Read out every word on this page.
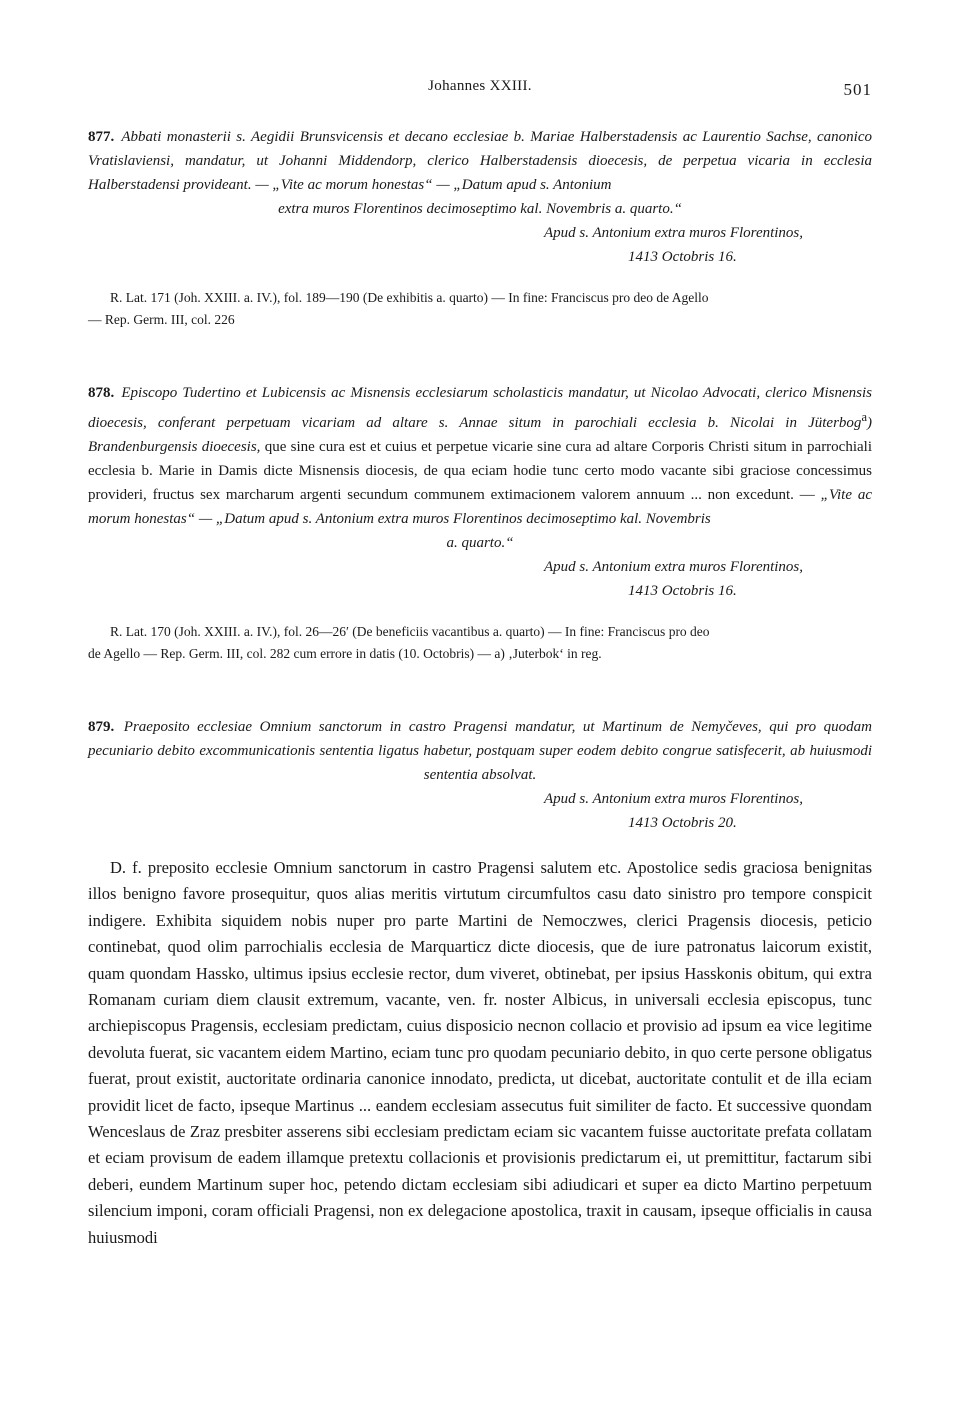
Johannes XXIII.	501

877. Abbati monasterii s. Aegidii Brunsvicensis et decano ecclesiae b. Mariae Halberstadensis ac Laurentio Sachse, canonico Vratislaviensi, mandatur, ut Johanni Middendorp, clerico Halberstadensis dioecesis, de perpetua vicaria in ecclesia Halberstadensi provideant. — „Vite ac morum honestas“ — „Datum apud s. Antonium

extra muros Florentinos decimoseptimo kal. Novembris a. quarto.“

Apud s. Antonium extra muros Florentinos,
1413 Octobris 16.

R. Lat. 171 (Joh. XXIII. a. IV.), fol. 189—190 (De exhibitis a. quarto) — In fine: Franciscus pro deo de Agello
— Rep. Germ. III, col. 226

878. Episcopo Tudertino et Lubicensis ac Misnensis ecclesiarum scholasticis mandatur, ut Nicolao Advocati, clerico Misnensis dioecesis, conferant perpetuam vicariam ad altare s. Annae situm in parochiali ecclesia b. Nicolai in Jüterbog$^a$) Brandenburgensis dioecesis, que sine cura est et cuius et perpetue vicarie sine cura ad altare Corporis Christi situm in parrochiali ecclesia b. Marie in Damis dicte Misnensis diocesis, de qua eciam hodie tunc certo modo vacante sibi graciose concessimus provideri, fructus sex marcharum argenti secundum communem extimacionem valorem annuum ... non excedunt. — „Vite ac morum honestas“ — „Datum apud s. Antonium extra muros Florentinos decimoseptimo kal. Novembris

a. quarto.“

Apud s. Antonium extra muros Florentinos,
1413 Octobris 16.

R. Lat. 170 (Joh. XXIII. a. IV.), fol. 26—26′ (De beneficiis vacantibus a. quarto) — In fine: Franciscus pro deo
de Agello — Rep. Germ. III, col. 282 cum errore in datis (10. Octobris) — a) ‚Juterbok‘ in reg.

879. Praeposito ecclesiae Omnium sanctorum in castro Pragensi mandatur, ut Martinum de Nemyčeves, qui pro quodam pecuniario debito excommunicationis sententia ligatus habetur, postquam super eodem debito congrue satisfecerit, ab huiusmodi sententia absolvat.

Apud s. Antonium extra muros Florentinos,
1413 Octobris 20.

D. f. preposito ecclesie Omnium sanctorum in castro Pragensi salutem etc. Apostolice sedis graciosa benignitas illos benigno favore prosequitur, quos alias meritis virtutum circumfultos casu dato sinistro pro tempore conspicit indigere. Exhibita siquidem nobis nuper pro parte Martini de Nemoczwes, clerici Pragensis diocesis, peticio continebat, quod olim parrochialis ecclesia de Marquarticz dicte diocesis, que de iure patronatus laicorum existit, quam quondam Hassko, ultimus ipsius ecclesie rector, dum viveret, obtinebat, per ipsius Hasskonis obitum, qui extra Romanam curiam diem clausit extremum, vacante, ven. fr. noster Albicus, in universali ecclesia episcopus, tunc archiepiscopus Pragensis, ecclesiam predictam, cuius disposicio necnon collacio et provisio ad ipsum ea vice legitime devoluta fuerat, sic vacantem eidem Martino, eciam tunc pro quodam pecuniario debito, in quo certe persone obligatus fuerat, prout existit, auctoritate ordinaria canonice innodato, predicta, ut dicebat, auctoritate contulit et de illa eciam providit licet de facto, ipseque Martinus ... eandem ecclesiam assecutus fuit similiter de facto. Et successive quondam Wenceslaus de Zraz presbiter asserens sibi ecclesiam predictam eciam sic vacantem fuisse auctoritate prefata collatam et eciam provisum de eadem illamque pretextu collacionis et provisionis predictarum ei, ut premittitur, factarum sibi deberi, eundem Martinum super hoc, petendo dictam ecclesiam sibi adiudicari et super ea dicto Martino perpetuum silencium imponi, coram officiali Pragensi, non ex delegacione apostolica, traxit in causam, ipseque officialis in causa huiusmodi
